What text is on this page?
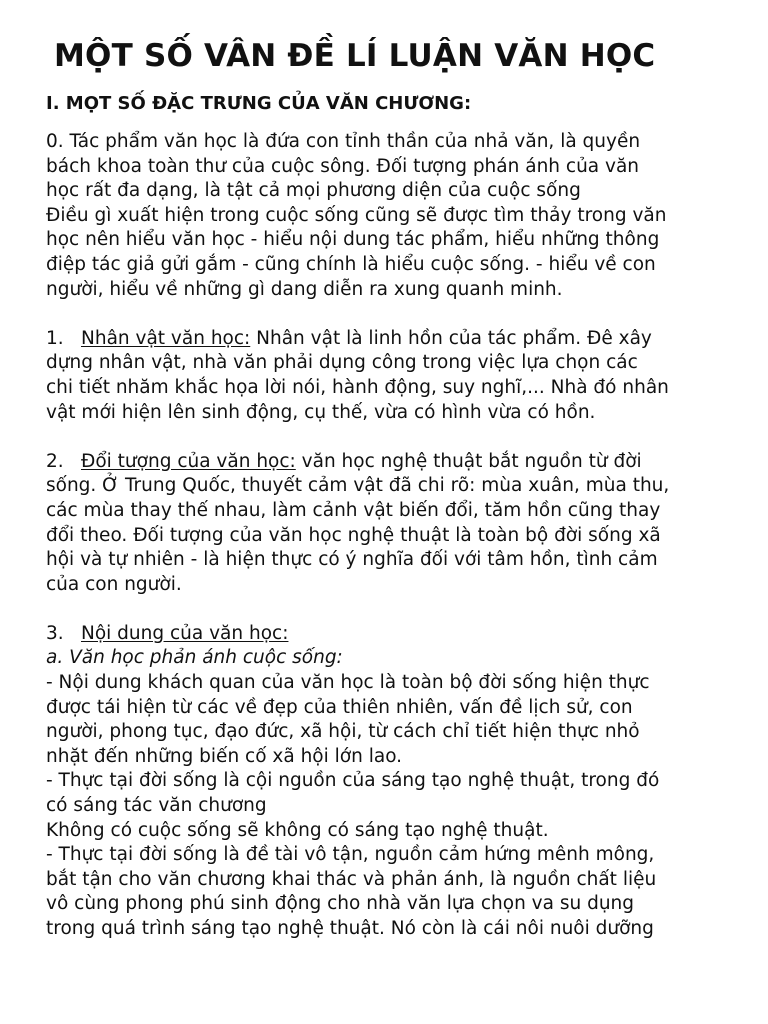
MỘT SỐ VÂN ĐỀ LÍ LUẬN VĂN HỌC
I. MỌT SỐ ĐẶC TRƯNG CỦA VĂN CHƯƠNG:

0. Tác phẩm văn học là đứa con tỉnh thần của nhả văn, là quyền
bách khoa toàn thư của cuộc sông. Đối tượng phán ánh của văn
học rất đa dạng, là tật cả mọi phương diện của cuộc sống
Điều gì xuất hiện trong cuộc sống cũng sẽ được tìm thảy trong văn
học nên hiểu văn học - hiểu nội dung tác phẩm, hiểu những thông
điệp tác giả gửi gắm - cũng chính là hiểu cuộc sống. - hiểu về con
người, hiểu về những gì dang diễn ra xung quanh minh.

1. Nhân vật văn học: Nhân vật là linh hồn của tác phẩm. Đê xây
dựng nhân vật, nhà văn phải dụng công trong việc lựa chọn các
chi tiết nhăm khắc họa lời nói, hành động, suy nghĩ,... Nhà đó nhân
vật mới hiện lên sinh động, cụ thế, vừa có hình vừa có hồn.

2. Đổi tượng của văn học: văn học nghệ thuật bắt nguồn từ đời
sống. Ở Trung Quốc, thuyết cảm vật đã chi rõ: mùa xuân, mùa thu,
các mùa thay thế nhau, làm cảnh vật biến đổi, tăm hồn cũng thay
đổi theo. Đối tượng của văn học nghệ thuật là toàn bộ đời sống xã
hội và tự nhiên - là hiện thực có ý nghĩa đối với tâm hồn, tình cảm
của con người.

3. Nội dung của văn học:
a. Văn học phản ánh cuộc sống:
- Nội dung khách quan của văn học là toàn bộ đời sống hiện thực
được tái hiện từ các về đẹp của thiên nhiên, vấn đề lịch sử, con
người, phong tục, đạo đức, xã hội, từ cách chỉ tiết hiện thực nhỏ
nhặt đến những biến cố xã hội lớn lao.
- Thực tại đời sống là cội nguồn của sáng tạo nghệ thuật, trong đó
có sáng tác văn chương
Không có cuộc sống sẽ không có sáng tạo nghệ thuật.
- Thực tại đời sống là đề tài vô tận, nguồn cảm hứng mênh mông,
bắt tận cho văn chương khai thác và phản ánh, là nguồn chất liệu
vô cùng phong phú sinh động cho nhà văn lựa chọn va su dụng
trong quá trình sáng tạo nghệ thuật. Nó còn là cái nôi nuôi dưỡng
